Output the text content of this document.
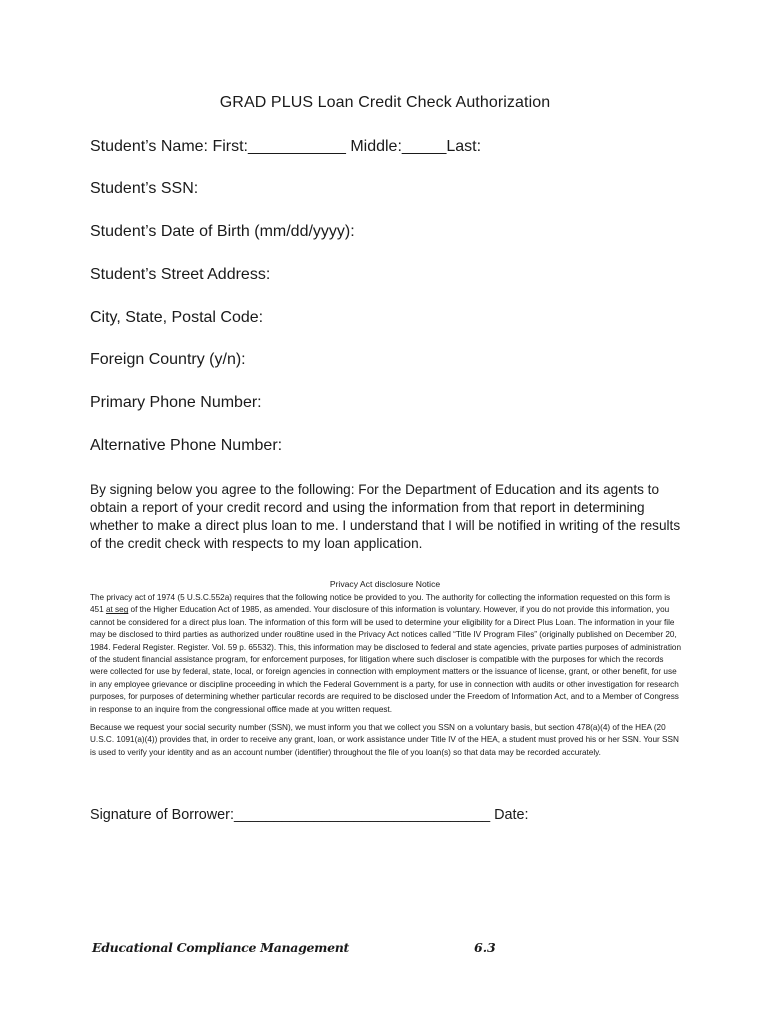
GRAD PLUS Loan Credit Check Authorization
Student’s Name: First:___________ Middle:_____Last:
Student’s SSN:
Student’s Date of Birth (mm/dd/yyyy):
Student’s Street Address:
City, State, Postal Code:
Foreign Country (y/n):
Primary Phone Number:
Alternative Phone Number:
By signing below you agree to the following: For the Department of Education and its agents to obtain a report of your credit record and using the information from that report in determining whether to make a direct plus loan to me. I understand that I will be notified in writing of the results of the credit check with respects to my loan application.
Privacy Act disclosure Notice

The privacy act of 1974 (5 U.S.C.552a) requires that the following notice be provided to you. The authority for collecting the information requested on this form is 451 at seg of the Higher Education Act of 1985, as amended. Your disclosure of this information is voluntary. However, if you do not provide this information, you cannot be considered for a direct plus loan. The information of this form will be used to determine your eligibility for a Direct Plus Loan. The information in your file may be disclosed to third parties as authorized under rou8tine used in the Privacy Act notices called “Title IV Program Files” (originally published on December 20, 1984. Federal Register. Register. Vol. 59 p. 65532). This, this information may be disclosed to federal and state agencies, private parties purposes of administration of the student financial assistance program, for enforcement purposes, for litigation where such discloser is compatible with the purposes for which the records were collected for use by federal, state, local, or foreign agencies in connection with employment matters or the issuance of license, grant, or other benefit, for use in any employee grievance or discipline proceeding in which the Federal Government is a party, for use in connection with audits or other investigation for research purposes, for purposes of determining whether particular records are required to be disclosed under the Freedom of Information Act, and to a Member of Congress in response to an inquire from the congressional office made at you written request.

Because we request your social security number (SSN), we must inform you that we collect you SSN on a voluntary basis, but section 478(a)(4) of the HEA (20 U.S.C. 1091(a)(4)) provides that, in order to receive any grant, loan, or work assistance under Title IV of the HEA, a student must proved his or her SSN. Your SSN is used to verify your identity and as an account number (identifier) throughout the file of you loan(s) so that data may be recorded accurately.

Signature of Borrower:________________________________ Date:
Educational Compliance Management	6.3
